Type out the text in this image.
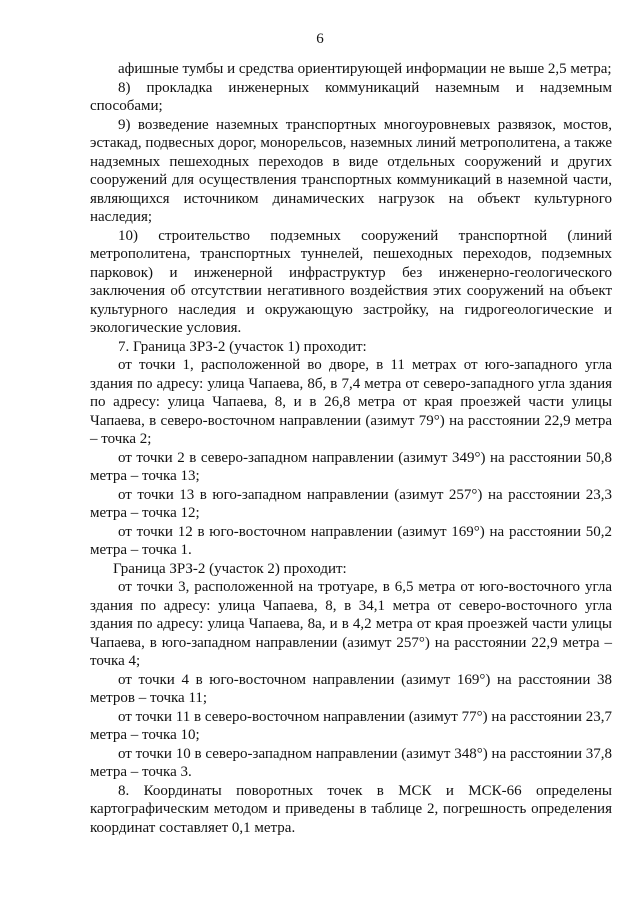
6

афишные тумбы и средства ориентирующей информации не выше 2,5 метра;

8) прокладка инженерных коммуникаций наземным и надземным способами;

9) возведение наземных транспортных многоуровневых развязок, мостов, эстакад, подвесных дорог, монорельсов, наземных линий метрополитена, а также надземных пешеходных переходов в виде отдельных сооружений и других сооружений для осуществления транспортных коммуникаций в наземной части, являющихся источником динамических нагрузок на объект культурного наследия;

10) строительство подземных сооружений транспортной (линий метрополитена, транспортных туннелей, пешеходных переходов, подземных парковок) и инженерной инфраструктур без инженерно-геологического заключения об отсутствии негативного воздействия этих сооружений на объект культурного наследия и окружающую застройку, на гидрогеологические и экологические условия.

7. Граница ЗРЗ-2 (участок 1) проходит:

от точки 1, расположенной во дворе, в 11 метрах от юго-западного угла здания по адресу: улица Чапаева, 8б, в 7,4 метра от северо-западного угла здания по адресу: улица Чапаева, 8, и в 26,8 метра от края проезжей части улицы Чапаева, в северо-восточном направлении (азимут 79°) на расстоянии 22,9 метра – точка 2;

от точки 2 в северо-западном направлении (азимут 349°) на расстоянии 50,8 метра – точка 13;

от точки 13 в юго-западном направлении (азимут 257°) на расстоянии 23,3 метра – точка 12;

от точки 12 в юго-восточном направлении (азимут 169°) на расстоянии 50,2 метра – точка 1.

Граница ЗРЗ-2 (участок 2) проходит:

от точки 3, расположенной на тротуаре, в 6,5 метра от юго-восточного угла здания по адресу: улица Чапаева, 8, в 34,1 метра от северо-восточного угла здания по адресу: улица Чапаева, 8а, и в 4,2 метра от края проезжей части улицы Чапаева, в юго-западном направлении (азимут 257°) на расстоянии 22,9 метра – точка 4;

от точки 4 в юго-восточном направлении (азимут 169°) на расстоянии 38 метров – точка 11;

от точки 11 в северо-восточном направлении (азимут 77°) на расстоянии 23,7 метра – точка 10;

от точки 10 в северо-западном направлении (азимут 348°) на расстоянии 37,8 метра – точка 3.

8. Координаты поворотных точек в МСК и МСК-66 определены картографическим методом и приведены в таблице 2, погрешность определения координат составляет 0,1 метра.
